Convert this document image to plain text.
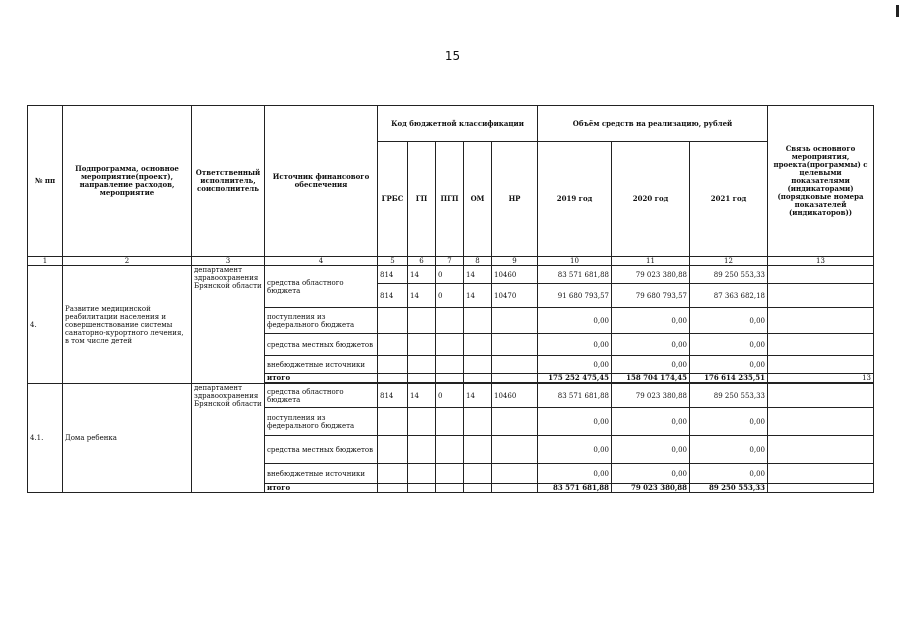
15
№ пп	Подпрограмма, основное мероприятие(проект), направление расходов, мероприятие	Ответственный исполнитель, соисполнитель	Источник финансового обеспечения	Код бюджетной классификации					Объём средств на реализацию, рублей			Связь основного мероприятия, проекта(программы) с целевыми показателями (индикаторами) (порядковые номера показателей (индикаторов))
				ГРБС	ГП	ПГП	ОМ	НР	2019 год	2020 год	2021 год	
1	2	3	4	5	6	7	8	9	10	11	12	13
4.	Развитие медицинской реабилитации населения и совершенствование системы санаторно-курортного лечения, в том числе детей	департамент здравоохранения Брянской области	средства областного бюджета	814	14	0	14	10460	83 571 681,88	79 023 380,88	89 250 553,33	
				814	14	0	14	10470	91 680 793,57	79 680 793,57	87 363 682,18	
			поступления из федерального бюджета						0,00	0,00	0,00	
			средства местных бюджетов						0,00	0,00	0,00	
			внебюджетные источники						0,00	0,00	0,00	
			итого						175 252 475,45	158 704 174,45	176 614 235,51	13

4.1.	Дома ребенка	департамент здравоохранения Брянской области	средства областного бюджета	814	14	0	14	10460	83 571 681,88	79 023 380,88	89 250 553,33	
			поступления из федерального бюджета						0,00	0,00	0,00	
			средства местных бюджетов						0,00	0,00	0,00	
			внебюджетные источники						0,00	0,00	0,00	
			итого						83 571 681,88	79 023 380,88	89 250 553,33	
